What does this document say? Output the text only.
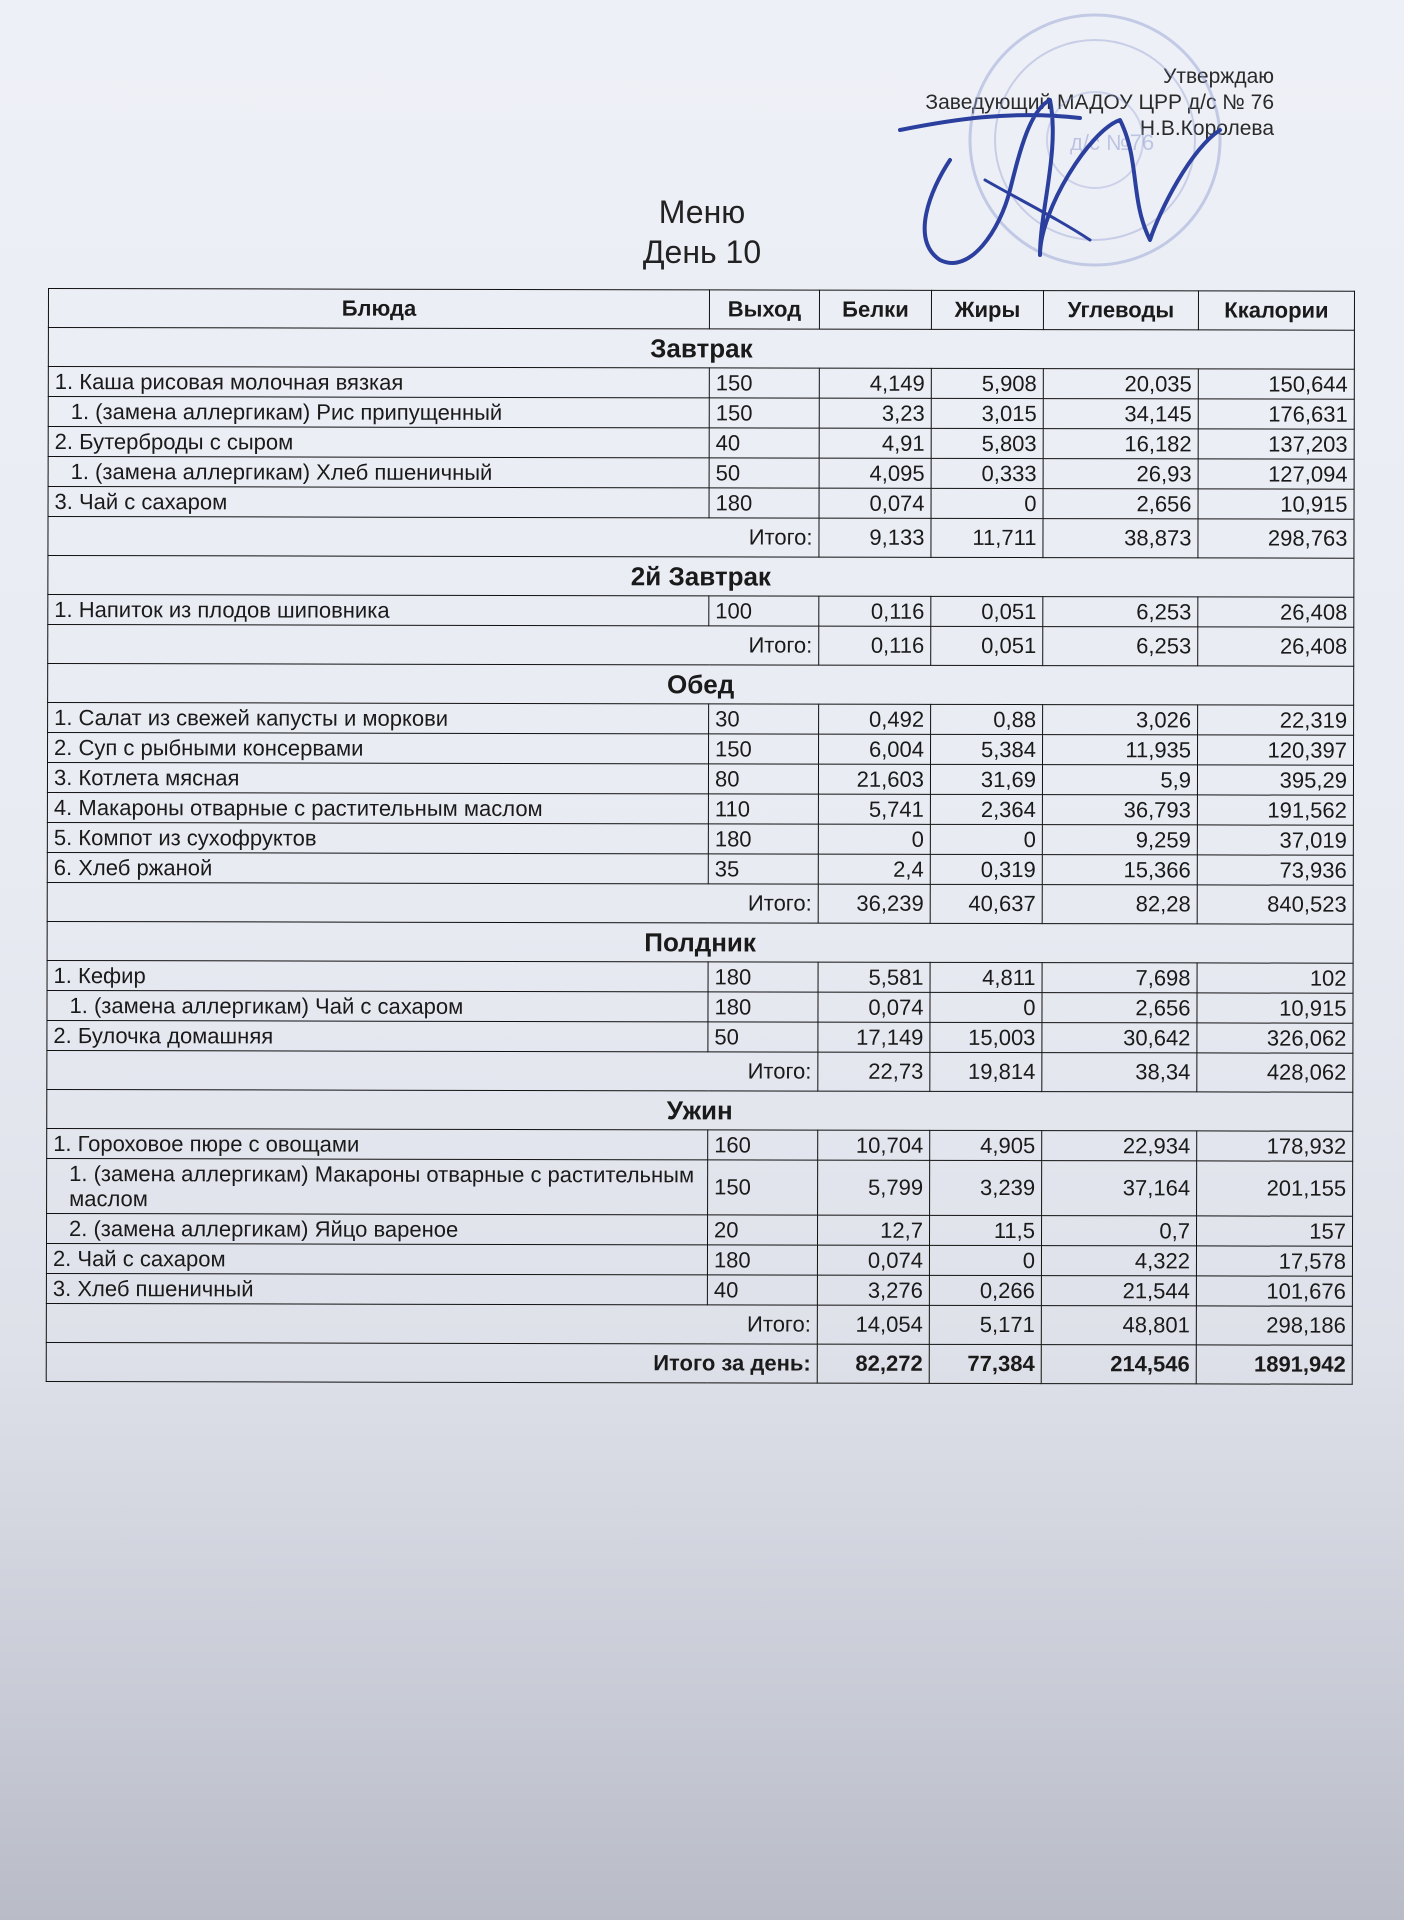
Утверждаю
Заведующий МАДОУ ЦРР д/с № 76
Н.В.Королева
д/с №76
Меню
День 10
Блюда	Выход	Белки	Жиры	Углеводы	Ккалории
Завтрак					
1. Каша рисовая молочная вязкая	150	4,149	5,908	20,035	150,644
1. (замена аллергикам) Рис припущенный	150	3,23	3,015	34,145	176,631
2. Бутерброды с сыром	40	4,91	5,803	16,182	137,203
1. (замена аллергикам) Хлеб пшеничный	50	4,095	0,333	26,93	127,094
3. Чай с сахаром	180	0,074	0	2,656	10,915
Итого:		9,133	11,711	38,873	298,763
2й Завтрак					
1. Напиток из плодов шиповника	100	0,116	0,051	6,253	26,408
Итого:		0,116	0,051	6,253	26,408
Обед					
1. Салат из свежей капусты и моркови	30	0,492	0,88	3,026	22,319
2. Суп с рыбными консервами	150	6,004	5,384	11,935	120,397
3. Котлета мясная	80	21,603	31,69	5,9	395,29
4. Макароны отварные с растительным маслом	110	5,741	2,364	36,793	191,562
5. Компот из сухофруктов	180	0	0	9,259	37,019
6. Хлеб ржаной	35	2,4	0,319	15,366	73,936
Итого:		36,239	40,637	82,28	840,523
Полдник					
1. Кефир	180	5,581	4,811	7,698	102
1. (замена аллергикам) Чай с сахаром	180	0,074	0	2,656	10,915
2. Булочка домашняя	50	17,149	15,003	30,642	326,062
Итого:		22,73	19,814	38,34	428,062
Ужин					
1. Гороховое пюре с овощами	160	10,704	4,905	22,934	178,932
1. (замена аллергикам) Макароны отварные с растительным маслом	150	5,799	3,239	37,164	201,155
2. (замена аллергикам) Яйцо вареное	20	12,7	11,5	0,7	157
2. Чай с сахаром	180	0,074	0	4,322	17,578
3. Хлеб пшеничный	40	3,276	0,266	21,544	101,676
Итого:		14,054	5,171	48,801	298,186
Итого за день:		82,272	77,384	214,546	1891,942
